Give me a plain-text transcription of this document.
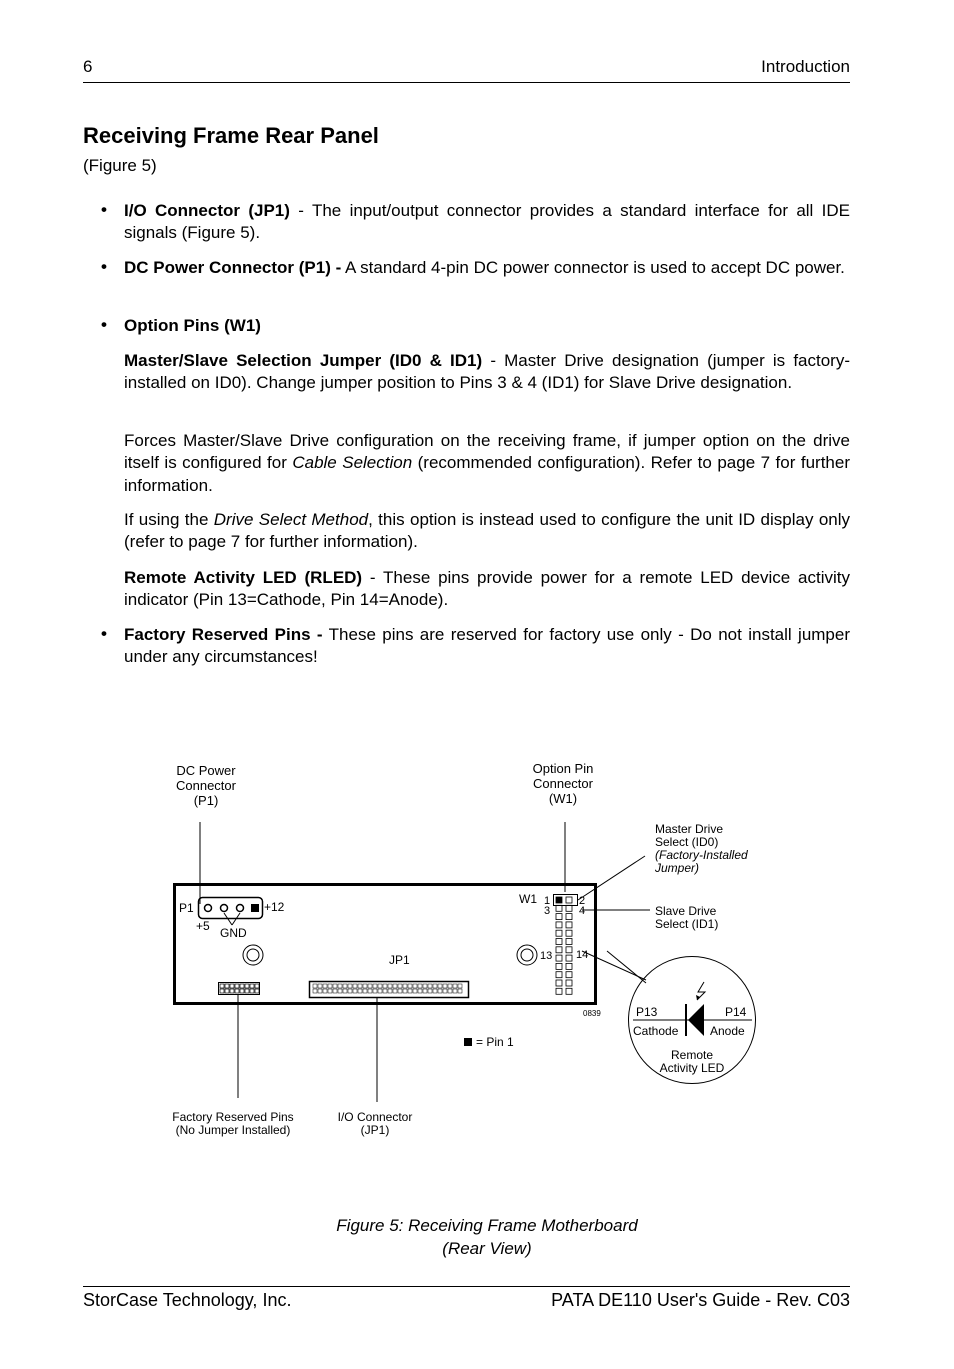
6	Introduction
Receiving Frame Rear Panel
(Figure 5)
• I/O Connector (JP1) - The input/output connector provides a standard interface for all IDE signals (Figure 5).
• DC Power Connector (P1) - A standard 4-pin DC power connector is used to accept DC power.
• Option Pins (W1)
Master/Slave Selection Jumper (ID0 & ID1) - Master Drive designation (jumper is factory-installed on ID0). Change jumper position to Pins 3 & 4 (ID1) for Slave Drive designation.
Forces Master/Slave Drive configuration on the receiving frame, if jumper option on the drive itself is configured for Cable Selection (recommended configuration). Refer to page 7 for further information.
If using the Drive Select Method, this option is instead used to configure the unit ID display only (refer to page 7 for further information).
Remote Activity LED (RLED) - These pins provide power for a remote LED device activity indicator (Pin 13=Cathode, Pin 14=Anode).
• Factory Reserved Pins - These pins are reserved for factory use only - Do not install jumper under any circumstances!
DC Power
Connector
(P1)
Option Pin
Connector
(W1)
Master Drive
Select (ID0)
(Factory-Installed
Jumper)
Slave Drive
Select (ID1)
P1	+12
+5 GND
JP1
W1 1	2
3	4
13 14
0839
= Pin 1
P13	P14
Cathode	Anode
Remote
Activity LED
Factory Reserved Pins
(No Jumper Installed)
I/O Connector
(JP1)
Figure 5: Receiving Frame Motherboard
(Rear View)
StorCase Technology, Inc.	PATA DE110 User's Guide - Rev. C03
